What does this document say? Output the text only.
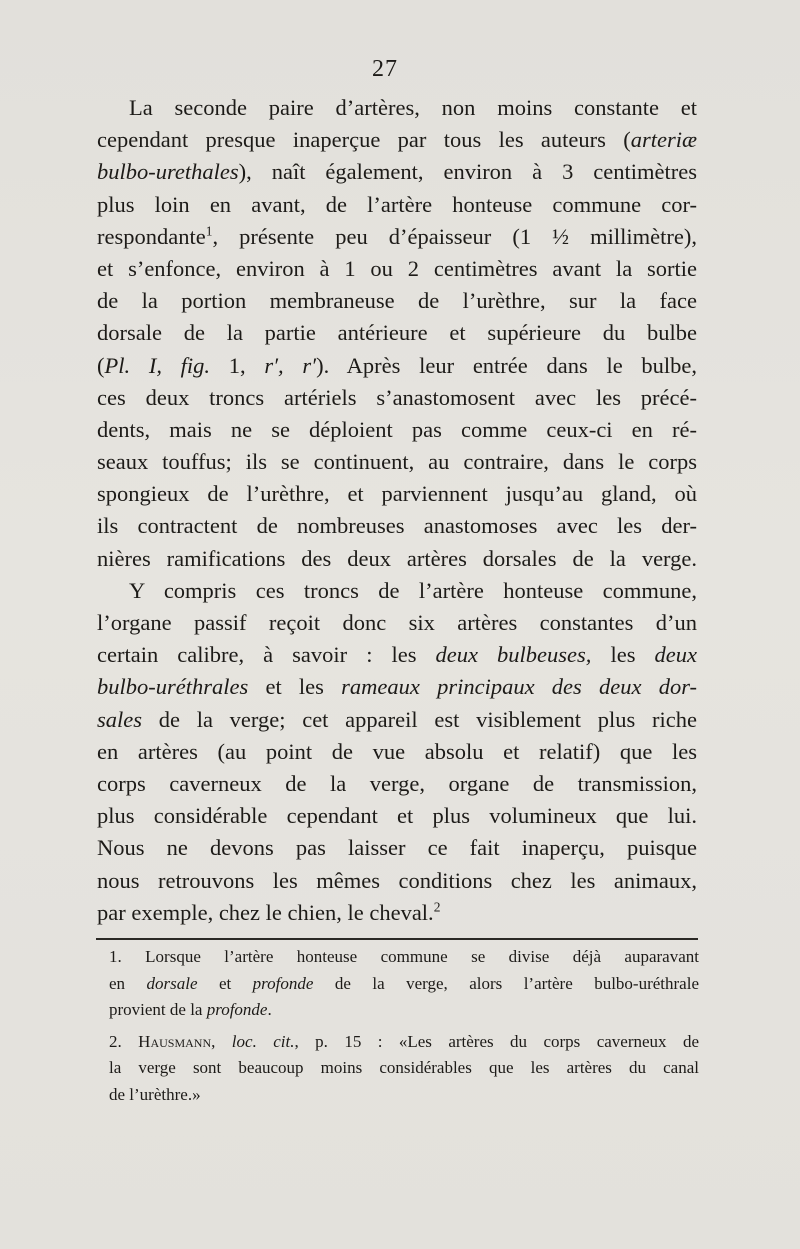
27
La seconde paire d’artères, non moins constante et
cependant presque inaperçue par tous les auteurs (arteriæ
bulbo-urethales), naît également, environ à 3 centimètres
plus loin en avant, de l’artère honteuse commune cor-
respondante$^1$, présente peu d’épaisseur (1 ½ millimètre),
et s’enfonce, environ à 1 ou 2 centimètres avant la sortie
de la portion membraneuse de l’urèthre, sur la face
dorsale de la partie antérieure et supérieure du bulbe
(Pl. I, fig. 1, r′, r′). Après leur entrée dans le bulbe,
ces deux troncs artériels s’anastomosent avec les précé-
dents, mais ne se déploient pas comme ceux-ci en ré-
seaux touffus; ils se continuent, au contraire, dans le corps
spongieux de l’urèthre, et parviennent jusqu’au gland, où
ils contractent de nombreuses anastomoses avec les der-
nières ramifications des deux artères dorsales de la verge.
Y compris ces troncs de l’artère honteuse commune,
l’organe passif reçoit donc six artères constantes d’un
certain calibre, à savoir : les deux bulbeuses, les deux
bulbo-uréthrales et les rameaux principaux des deux dor-
sales de la verge; cet appareil est visiblement plus riche
en artères (au point de vue absolu et relatif) que les
corps caverneux de la verge, organe de transmission,
plus considérable cependant et plus volumineux que lui.
Nous ne devons pas laisser ce fait inaperçu, puisque
nous retrouvons les mêmes conditions chez les animaux,
par exemple, chez le chien, le cheval.$^2$
1. Lorsque l’artère honteuse commune se divise déjà auparavant
en dorsale et profonde de la verge, alors l’artère bulbo-uréthrale
provient de la profonde.
2. Hausmann, loc. cit., p. 15 : «Les artères du corps caverneux de
la verge sont beaucoup moins considérables que les artères du canal
de l’urèthre.»
